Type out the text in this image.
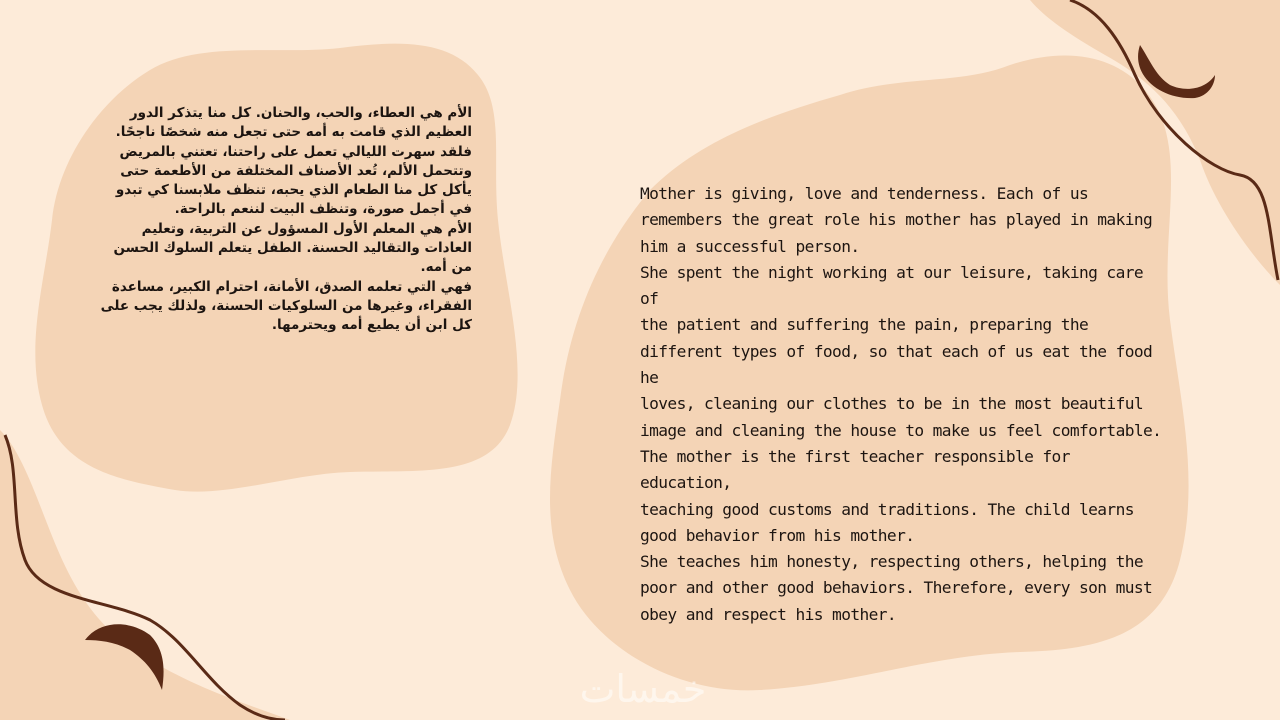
الأم هي العطاء، والحب، والحنان. كل منا يتذكر الدور العظيم الذي قامت به أمه حتى تجعل منه شخصًا ناجحًا.
فلقد سهرت الليالي تعمل على راحتنا، تعتني بالمريض وتتحمل الألم، تُعد الأصناف المختلفة من الأطعمة حتى يأكل كل منا الطعام الذي يحبه، تنظف ملابسنا كي تبدو في أجمل صورة، وتنظف البيت لننعم بالراحة.

الأم هي المعلم الأول المسؤول عن التربية، وتعليم العادات والتقاليد الحسنة. الطفل يتعلم السلوك الحسن من أمه.

فهي التي تعلمه الصدق، الأمانة، احترام الكبير، مساعدة الفقراء، وغيرها من السلوكيات الحسنة، ولذلك يجب على كل ابن أن يطيع أمه ويحترمها.

Mother is giving, love and tenderness. Each of us
remembers the great role his mother has played in making
him a successful person.

She spent the night working at our leisure, taking care of
the patient and suffering the pain, preparing the
different types of food, so that each of us eat the food he
loves, cleaning our clothes to be in the most beautiful
image and cleaning the house to make us feel comfortable.

The mother is the first teacher responsible for education,
teaching good customs and traditions. The child learns
good behavior from his mother.

She teaches him honesty, respecting others, helping the
poor and other good behaviors. Therefore, every son must
obey and respect his mother.

خمسات
